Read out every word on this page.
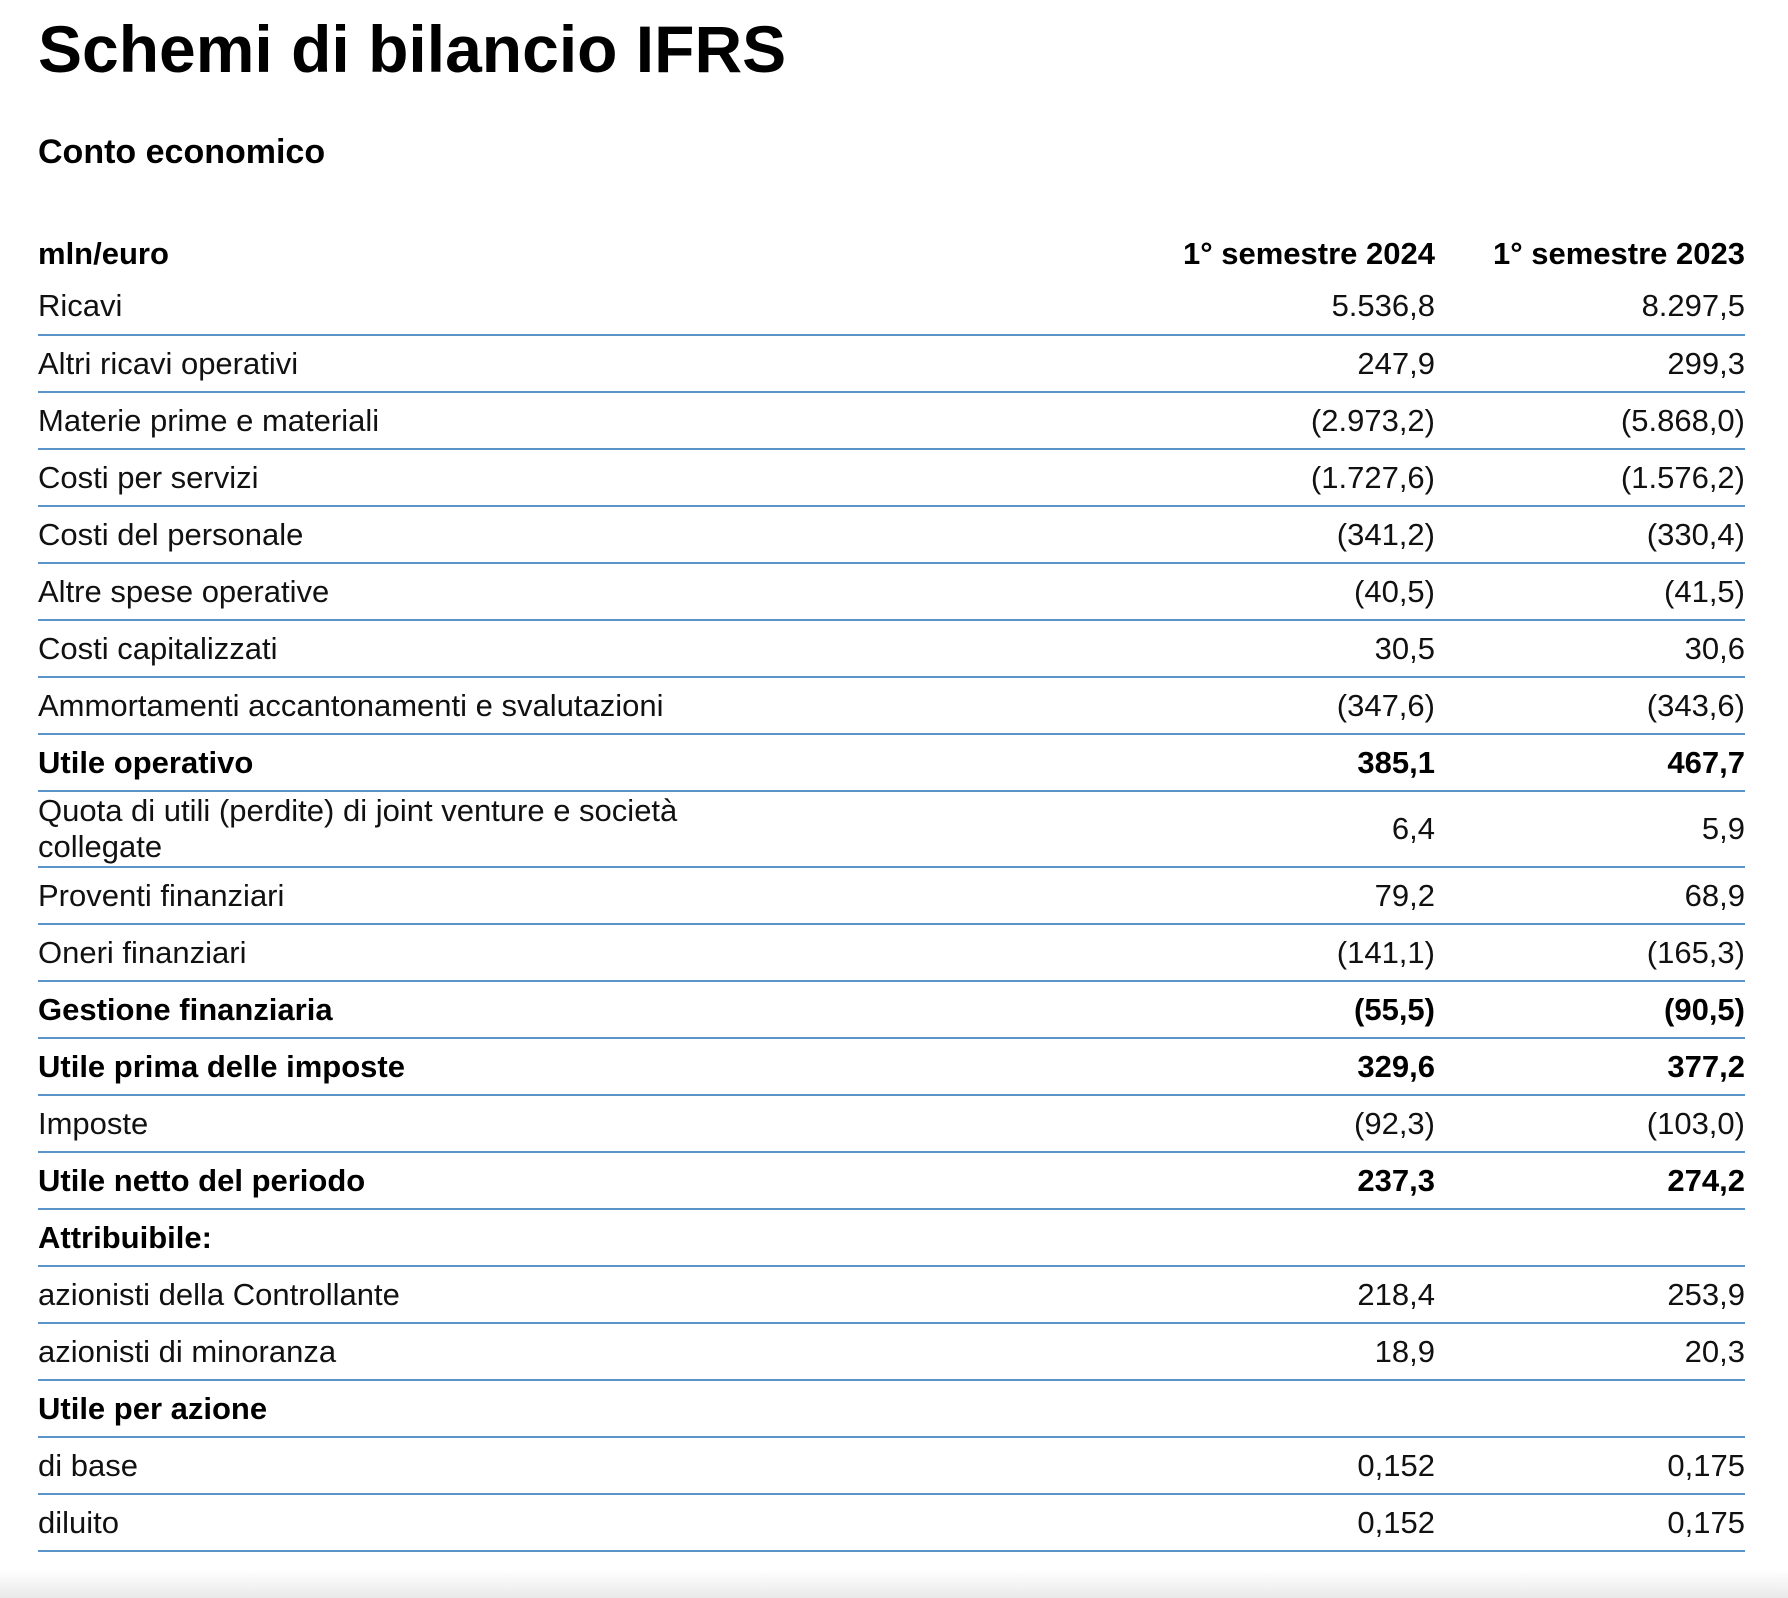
Schemi di bilancio IFRS
Conto economico
mln/euro	1° semestre 2024	1° semestre 2023
Ricavi	5.536,8	8.297,5
Altri ricavi operativi	247,9	299,3
Materie prime e materiali	(2.973,2)	(5.868,0)
Costi per servizi	(1.727,6)	(1.576,2)
Costi del personale	(341,2)	(330,4)
Altre spese operative	(40,5)	(41,5)
Costi capitalizzati	30,5	30,6
Ammortamenti accantonamenti e svalutazioni	(347,6)	(343,6)
Utile operativo	385,1	467,7

Quota di utili (perdite) di joint venture e società collegate	6,4	5,9
Proventi finanziari	79,2	68,9
Oneri finanziari	(141,1)	(165,3)
Gestione finanziaria	(55,5)	(90,5)
Utile prima delle imposte	329,6	377,2
Imposte	(92,3)	(103,0)
Utile netto del periodo	237,3	274,2
Attribuibile:		
azionisti della Controllante	218,4	253,9
azionisti di minoranza	18,9	20,3
Utile per azione		
di base	0,152	0,175
diluito	0,152	0,175
